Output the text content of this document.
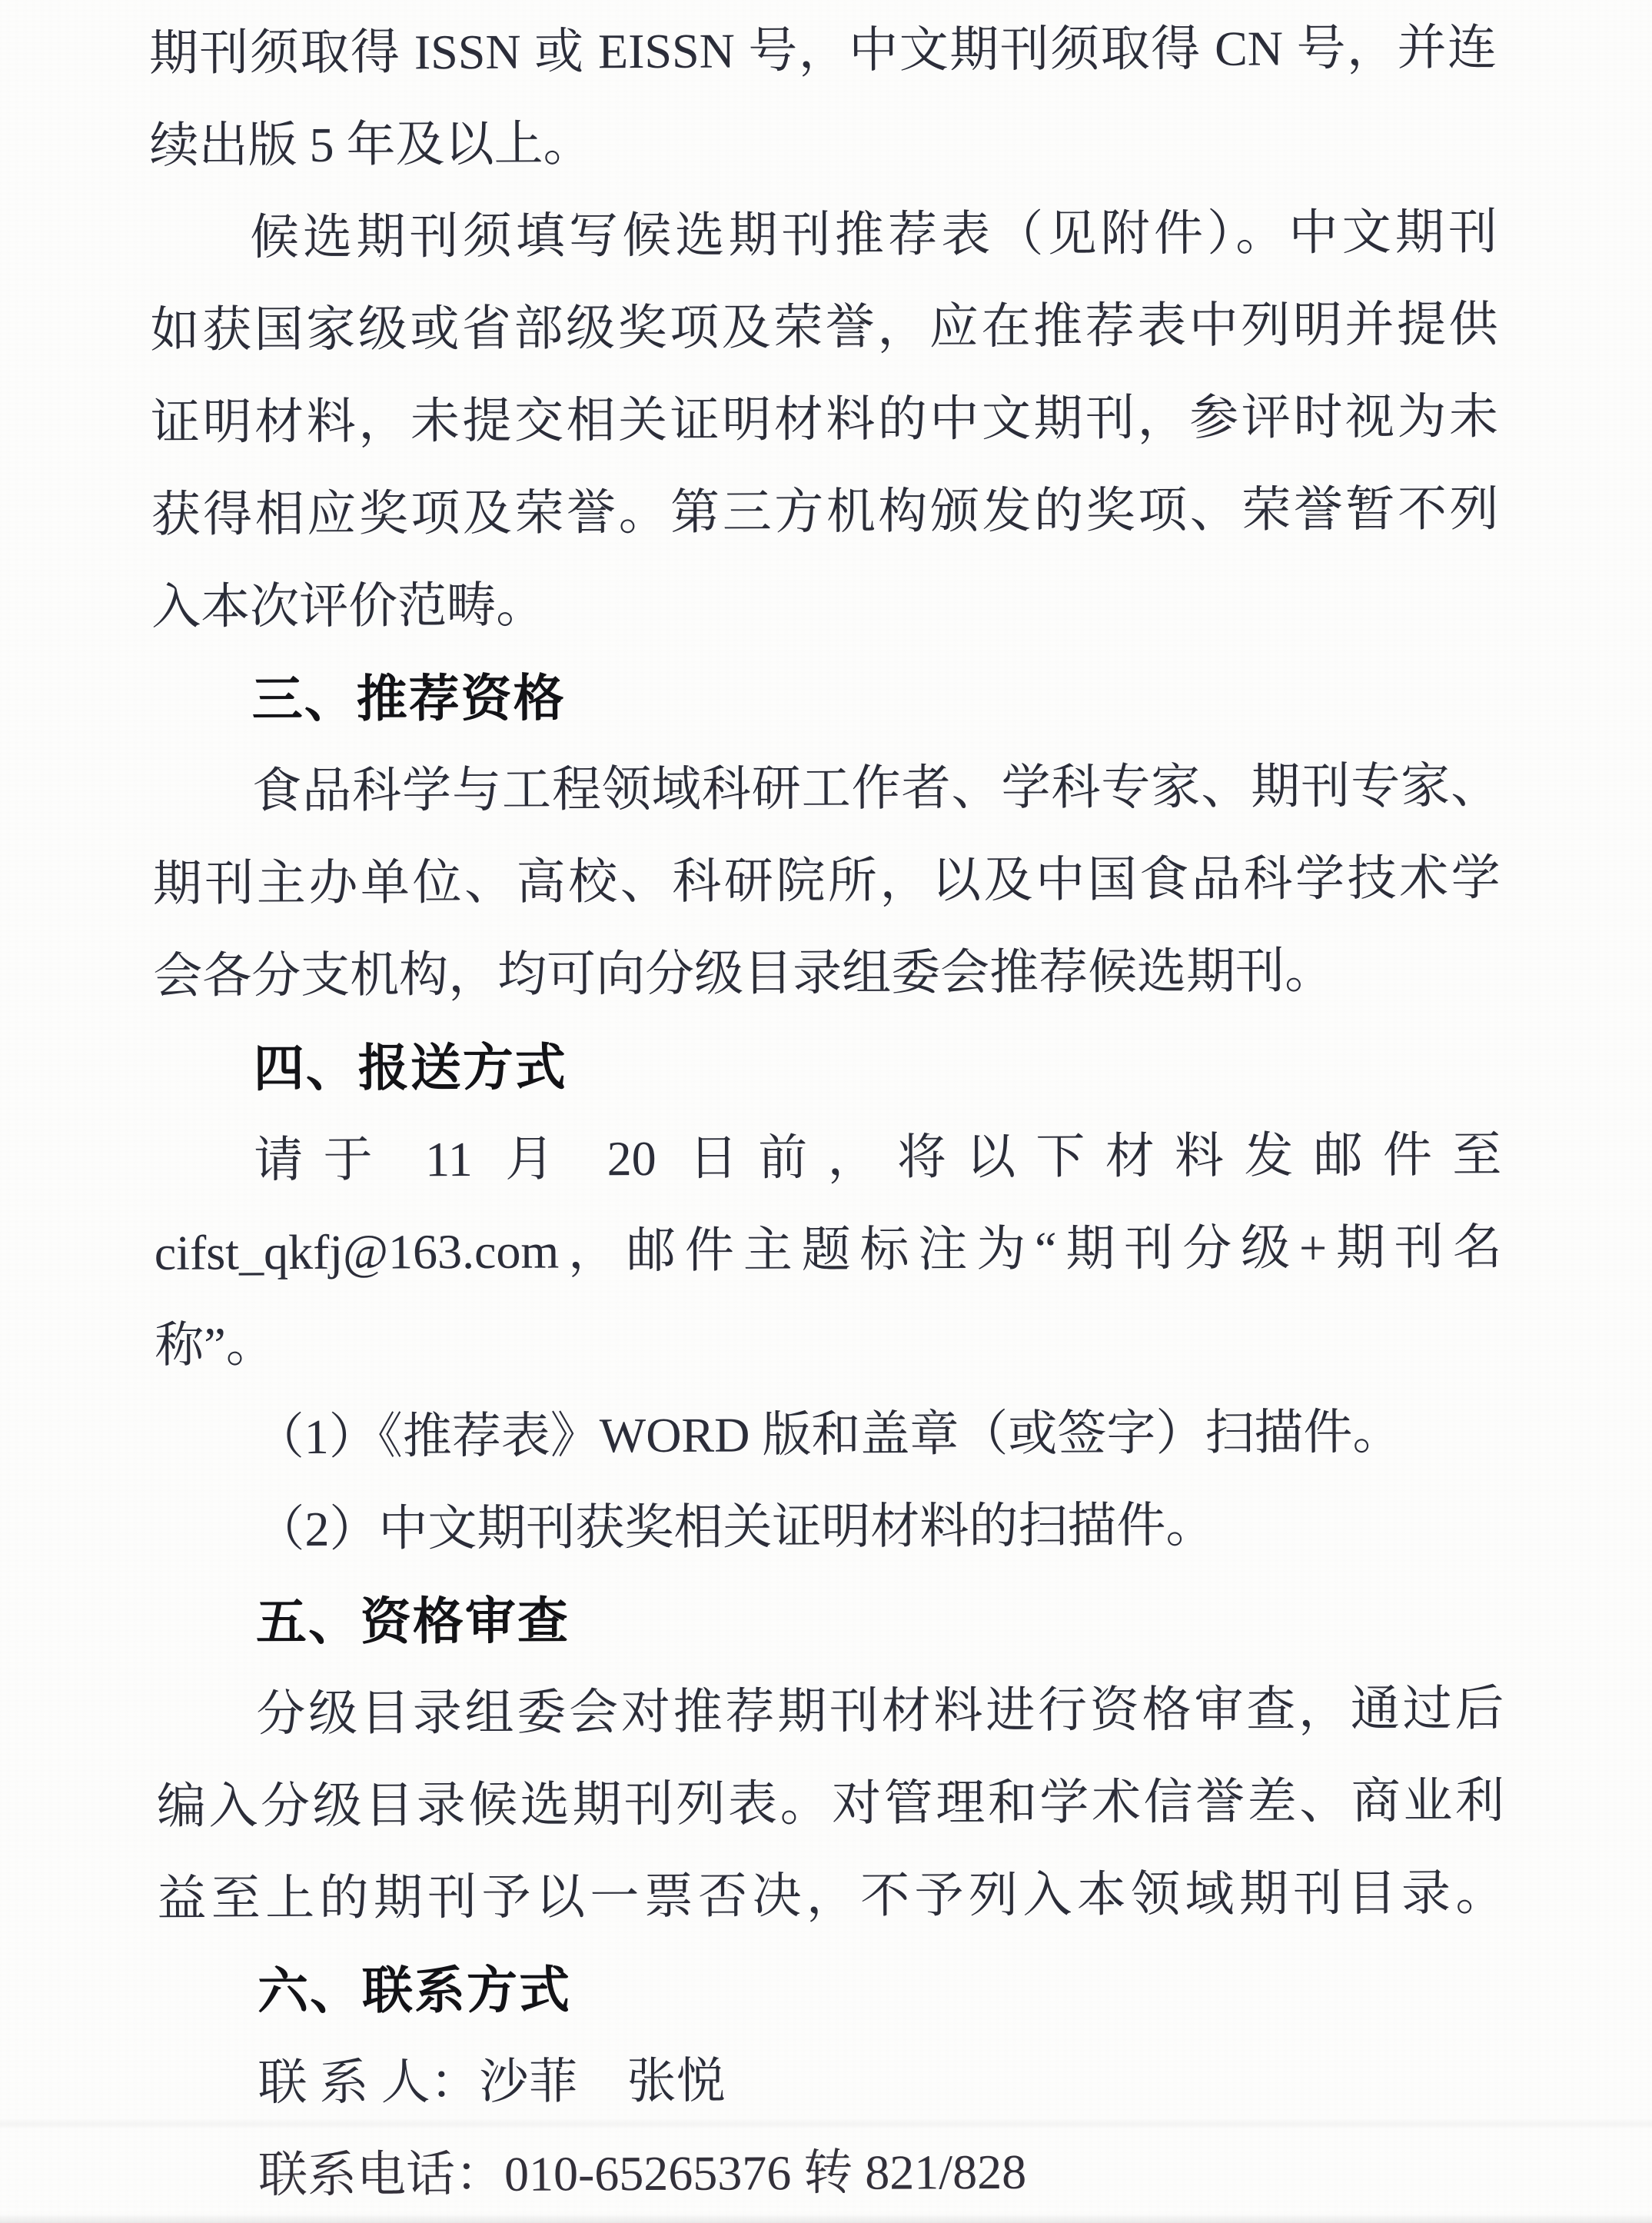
期刊须取得 ISSN 或 EISSN 号，中文期刊须取得 CN 号，并连
续出版 5 年及以上。
候选期刊须填写候选期刊推荐表（见附件）。中文期刊
如获国家级或省部级奖项及荣誉，应在推荐表中列明并提供
证明材料，未提交相关证明材料的中文期刊，参评时视为未
获得相应奖项及荣誉。第三方机构颁发的奖项、荣誉暂不列
入本次评价范畴。
三、推荐资格
食品科学与工程领域科研工作者、学科专家、期刊专家、
期刊主办单位、高校、科研院所，以及中国食品科学技术学
会各分支机构，均可向分级目录组委会推荐候选期刊。
四、报送方式
请于 11 月 20 日前，将以下材料发邮件至
cifst_qkfj@163.com，邮件主题标注为“期刊分级+期刊名
称”。
（1）《推荐表》WORD 版和盖章（或签字）扫描件。
（2）中文期刊获奖相关证明材料的扫描件。
五、资格审查
分级目录组委会对推荐期刊材料进行资格审查，通过后
编入分级目录候选期刊列表。对管理和学术信誉差、商业利
益至上的期刊予以一票否决，不予列入本领域期刊目录。
六、联系方式
联 系 人：沙菲　张悦
联系电话：010-65265376 转 821/828
